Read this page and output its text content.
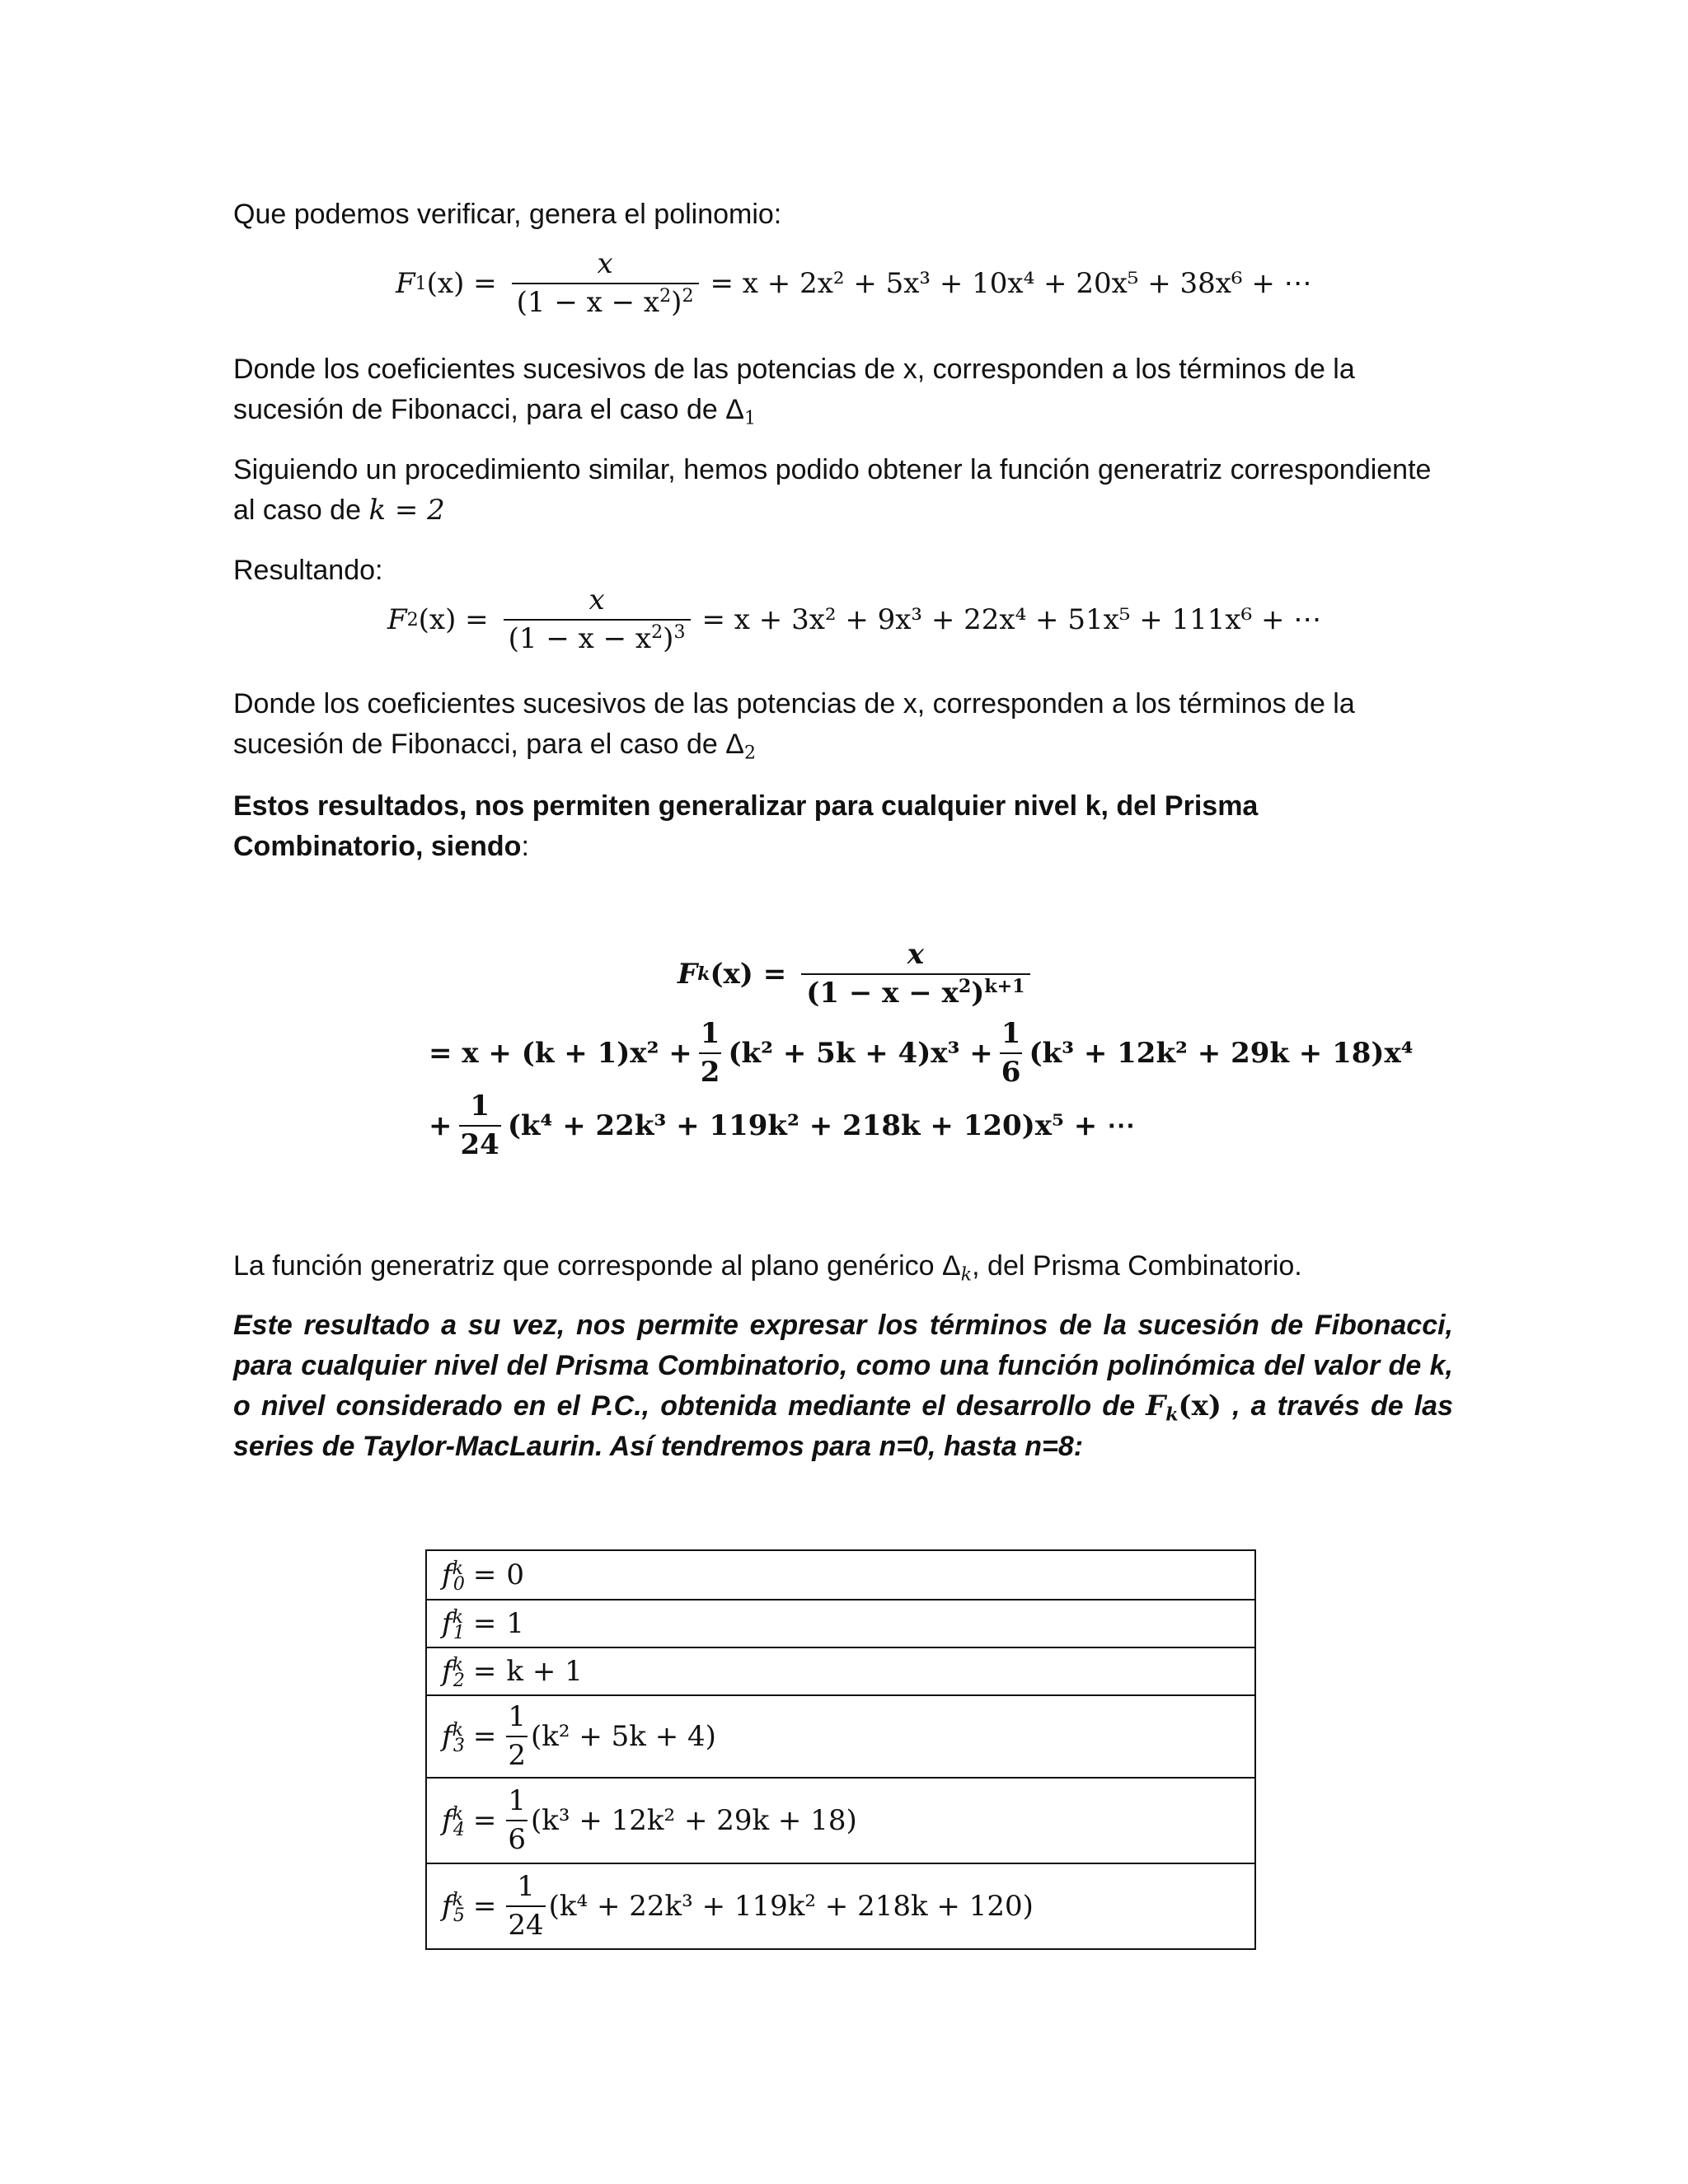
Que podemos verificar, genera el polinomio:

F 1 $(x) = \frac{x}{(1 - x - x^2)^2} = x + 2x^2 + 5x^3 + 10x^4 + 20x^5 + 38x^6$ + ⋯

Donde los coeficientes sucesivos de las potencias de x, corresponden a los términos de la sucesión de Fibonacci, para el caso de $\Delta_1$

Siguiendo un procedimiento similar, hemos podido obtener la función generatriz correspondiente al caso de k = 2

Resultando:

F 2 $(x) = \frac{x}{(1 - x - x^2)^3} = x + 3x^2 + 9x^3 + 22x^4 + 51x^5 + 111x^6$ + ⋯

Donde los coeficientes sucesivos de las potencias de x, corresponden a los términos de la sucesión de Fibonacci, para el caso de $\Delta_2$

Estos resultados, nos permiten generalizar para cualquier nivel k, del Prisma Combinatorio, siendo:

F k $(x) = \frac{x}{(1 - x - x^2)^{k+1}}$
= $x + (k + 1)x^2 + \frac{1}{2} (k^2 + 5k + 4)x^3 + \frac{1}{6} (k^3 + 12k^2 + 29k + 18)x^4$
+ $\frac{1}{24} (k^4 + 22k^3 + 119k^2 + 218k + 120)x^5$ + ⋯

La función generatriz que corresponde al plano genérico $\Delta_k$, del Prisma Combinatorio.

Este resultado a su vez, nos permite expresar los términos de la sucesión de Fibonacci, para cualquier nivel del Prisma Combinatorio, como una función polinómica del valor de k, o nivel considerado en el P.C., obtenida mediante el desarrollo de $F_k(x)$ , a través de las series de Taylor-MacLaurin. Así tendremos para n=0, hasta n=8:

$f^k_0 = 0$
$f^k_1 = 1$
$f^k_2 = k + 1$
$f^k_3 = \frac{1}{2} (k^2 + 5k + 4)$
$f^k_4 = \frac{1}{6} (k^3 + 12k^2 + 29k + 18)$
$f^k_5 = \frac{1}{24} (k^4 + 22k^3 + 119k^2 + 218k + 120)$
